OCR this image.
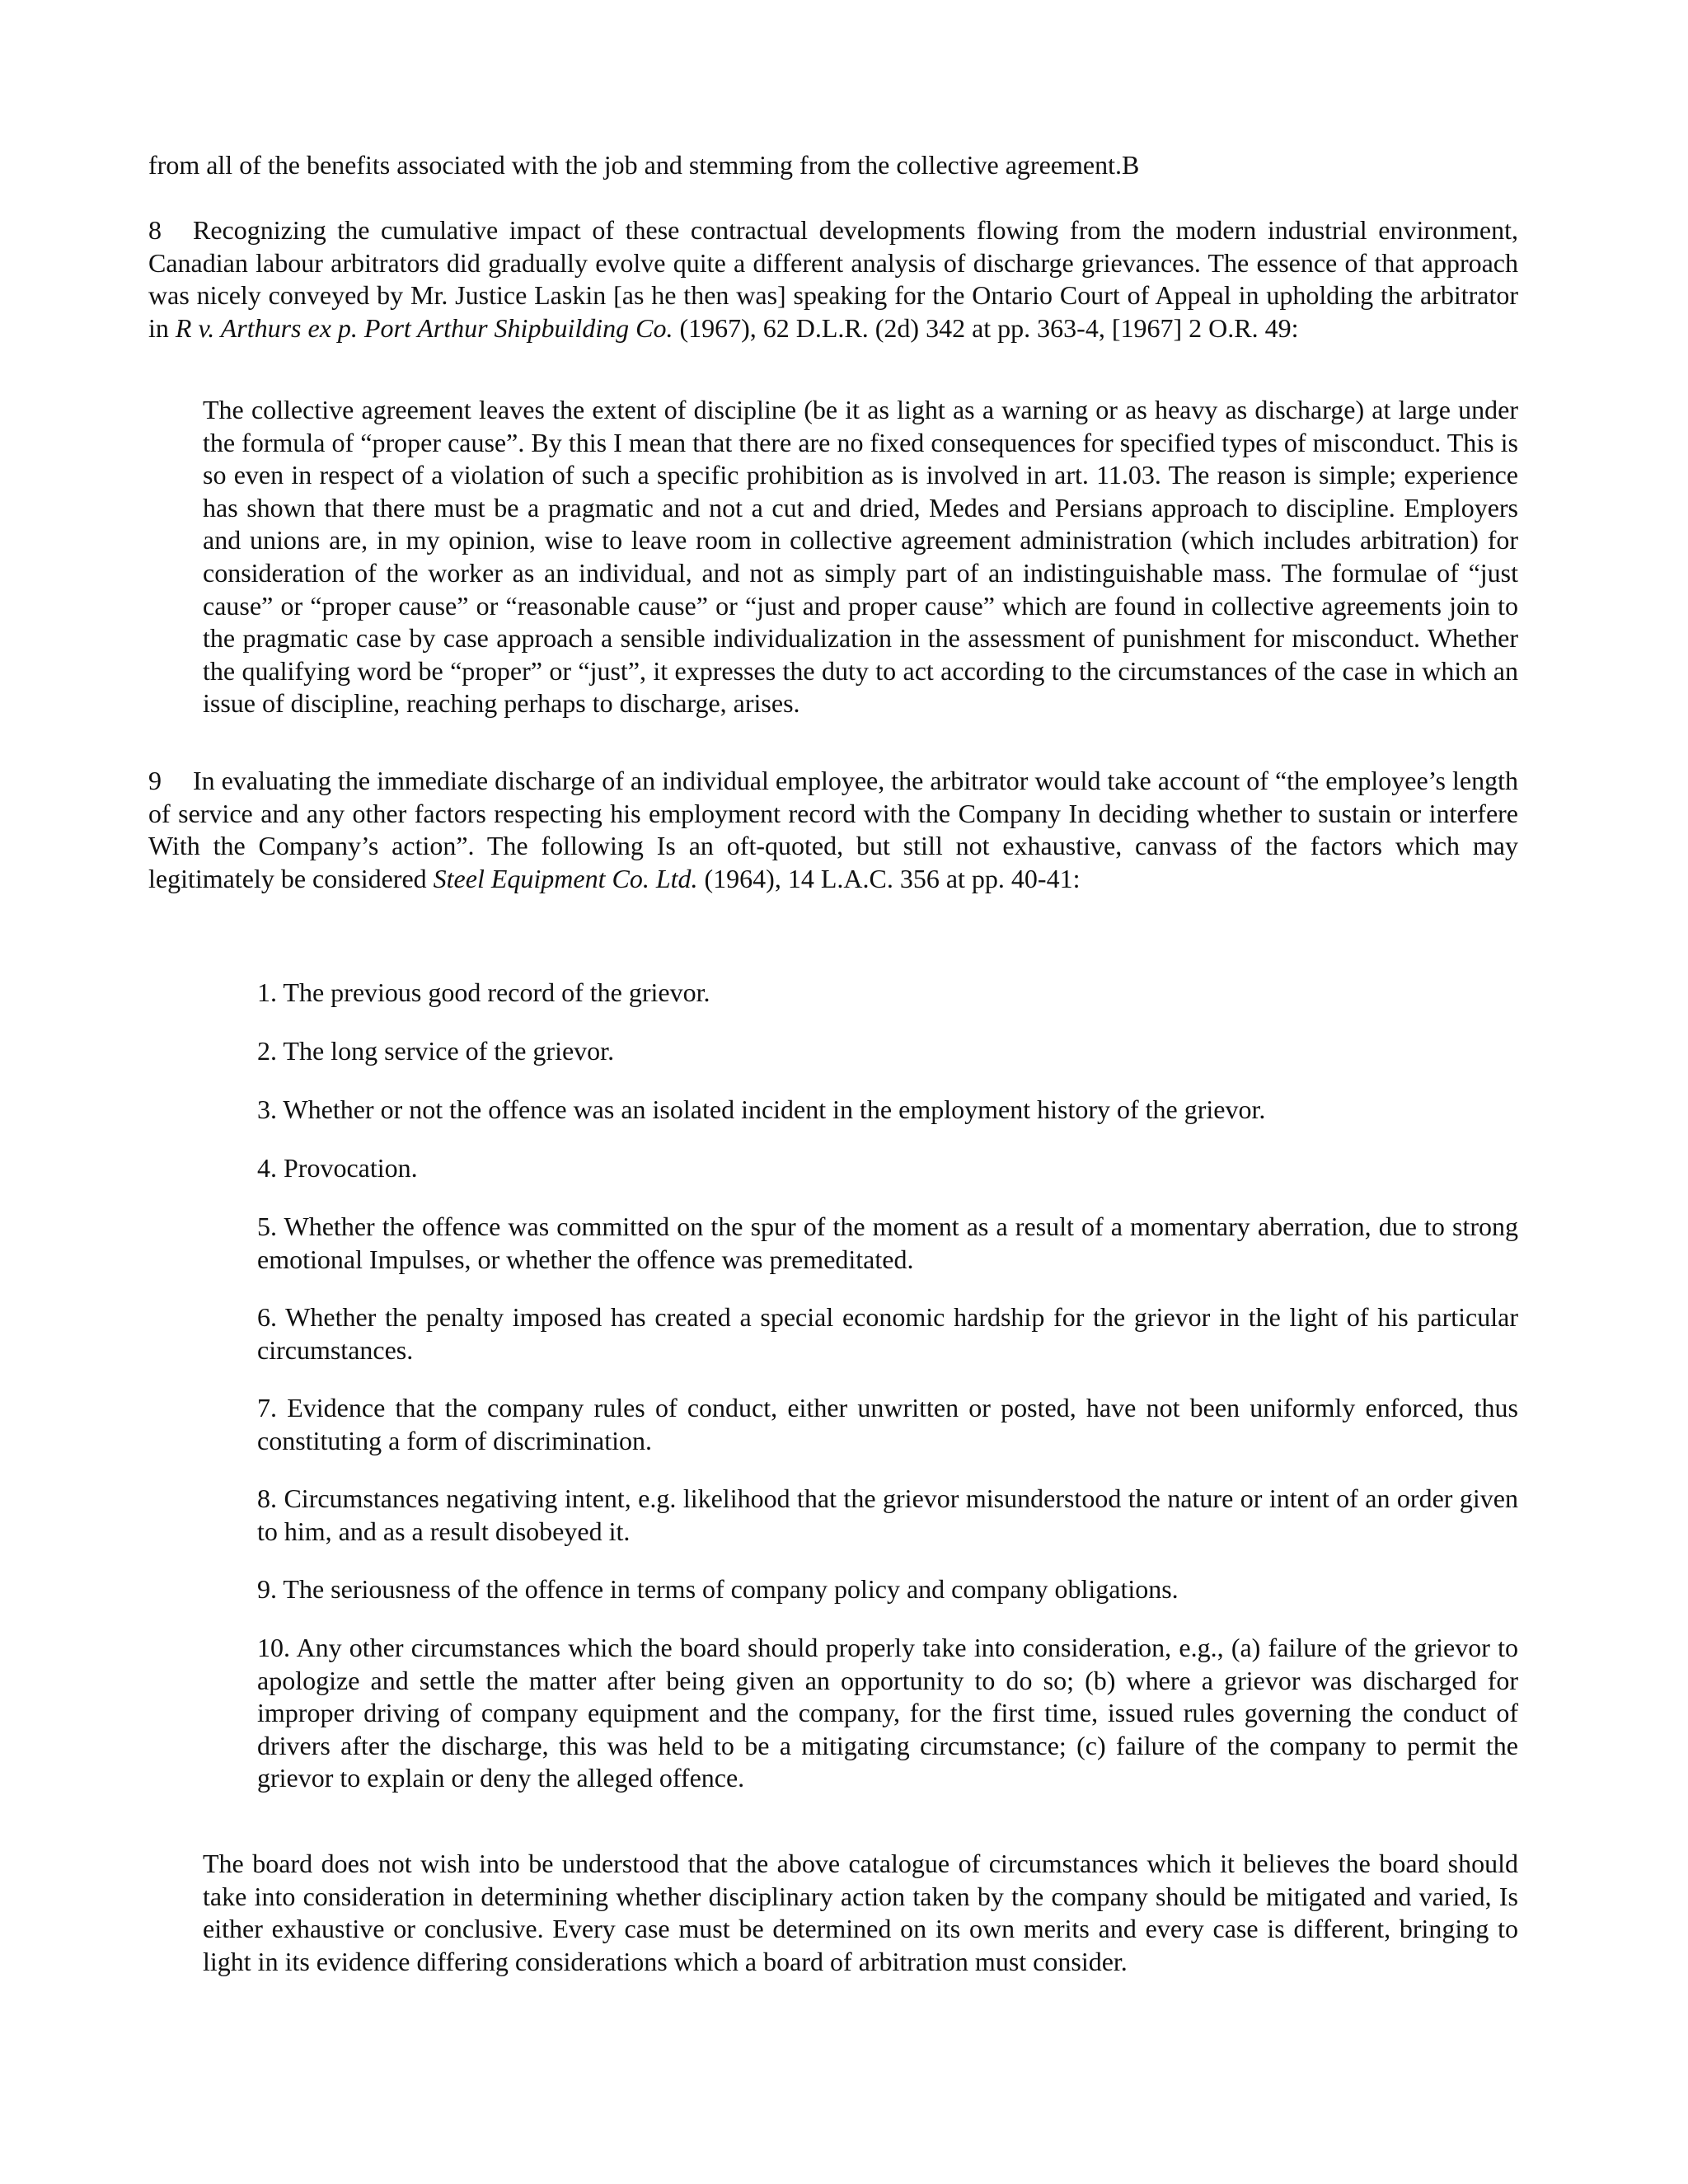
from all of the benefits associated with the job and stemming from the collective agreement.B

8 Recognizing the cumulative impact of these contractual developments flowing from the modern industrial environment, Canadian labour arbitrators did gradually evolve quite a different analysis of discharge grievances. The essence of that approach was nicely conveyed by Mr. Justice Laskin [as he then was] speaking for the Ontario Court of Appeal in upholding the arbitrator in R v. Arthurs ex p. Port Arthur Shipbuilding Co. (1967), 62 D.L.R. (2d) 342 at pp. 363-4, [1967] 2 O.R. 49:

The collective agreement leaves the extent of discipline (be it as light as a warning or as heavy as discharge) at large under the formula of “proper cause”. By this I mean that there are no fixed consequences for specified types of misconduct. This is so even in respect of a violation of such a specific prohibition as is involved in art. 11.03. The reason is simple; experience has shown that there must be a pragmatic and not a cut and dried, Medes and Persians approach to discipline. Employers and unions are, in my opinion, wise to leave room in collective agreement administration (which includes arbitration) for consideration of the worker as an individual, and not as simply part of an indistinguishable mass. The formulae of “just cause” or “proper cause” or “reasonable cause” or “just and proper cause” which are found in collective agreements join to the pragmatic case by case approach a sensible individualization in the assessment of punishment for misconduct. Whether the qualifying word be “proper” or “just”, it expresses the duty to act according to the circumstances of the case in which an issue of discipline, reaching perhaps to discharge, arises.

9 In evaluating the immediate discharge of an individual employee, the arbitrator would take account of “the employee’s length of service and any other factors respecting his employment record with the Company In deciding whether to sustain or interfere With the Company’s action”. The following Is an oft-quoted, but still not exhaustive, canvass of the factors which may legitimately be considered Steel Equipment Co. Ltd. (1964), 14 L.A.C. 356 at pp. 40-41:

1. The previous good record of the grievor.

2. The long service of the grievor.

3. Whether or not the offence was an isolated incident in the employment history of the grievor.

4. Provocation.

5. Whether the offence was committed on the spur of the moment as a result of a momentary aberration, due to strong emotional Impulses, or whether the offence was premeditated.

6. Whether the penalty imposed has created a special economic hardship for the grievor in the light of his particular circumstances.

7. Evidence that the company rules of conduct, either unwritten or posted, have not been uniformly enforced, thus constituting a form of discrimination.

8. Circumstances negativing intent, e.g. likelihood that the grievor misunderstood the nature or intent of an order given to him, and as a result disobeyed it.

9. The seriousness of the offence in terms of company policy and company obligations.

10. Any other circumstances which the board should properly take into consideration, e.g., (a) failure of the grievor to apologize and settle the matter after being given an opportunity to do so; (b) where a grievor was discharged for improper driving of company equipment and the company, for the first time, issued rules governing the conduct of drivers after the discharge, this was held to be a mitigating circumstance; (c) failure of the company to permit the grievor to explain or deny the alleged offence.

The board does not wish into be understood that the above catalogue of circumstances which it believes the board should take into consideration in determining whether disciplinary action taken by the company should be mitigated and varied, Is either exhaustive or conclusive. Every case must be determined on its own merits and every case is different, bringing to light in its evidence differing considerations which a board of arbitration must consider.
